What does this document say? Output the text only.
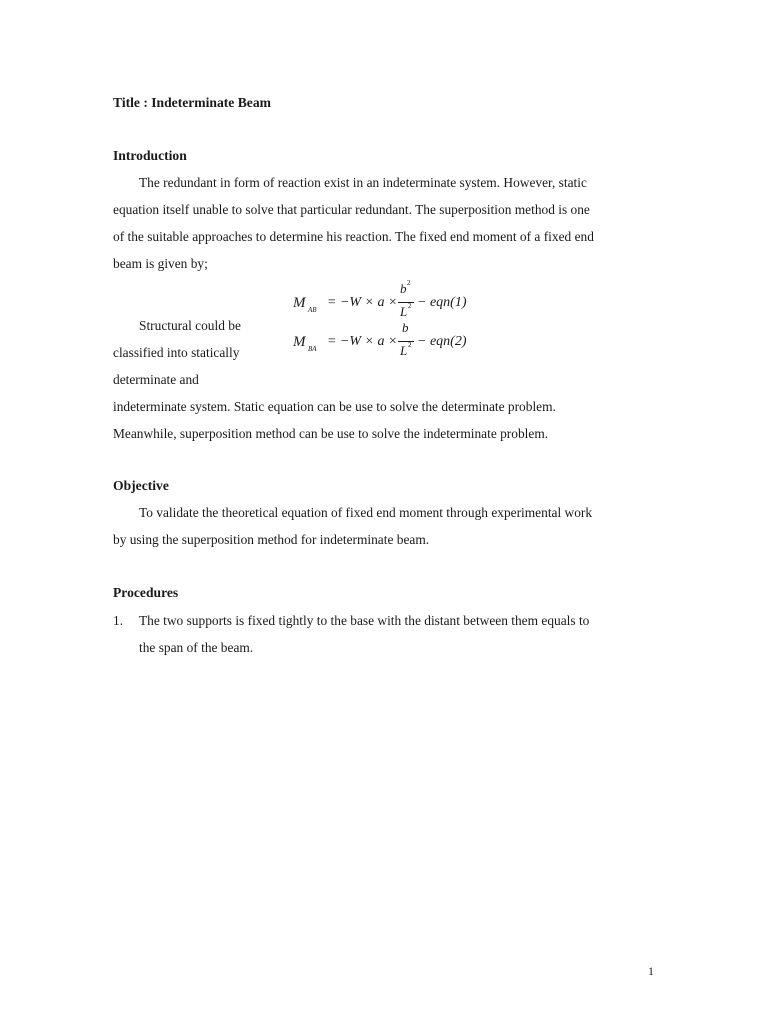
Title : Indeterminate Beam
Introduction
The redundant in form of reaction exist in an indeterminate system. However, static
equation itself unable to solve that particular redundant. The superposition method is one
of the suitable approaches to determine his reaction. The fixed end moment of a fixed end
beam is given by;
M AB = −W × a ×
b 2
L 2 − eqn(1)
M BA = −W × a ×
b
L 2 − eqn(2)
Structural could be
classified into statically
determinate and
indeterminate system. Static equation can be use to solve the determinate problem.
Meanwhile, superposition method can be use to solve the indeterminate problem.
Objective
To validate the theoretical equation of fixed end moment through experimental work
by using the superposition method for indeterminate beam.
Procedures
1. The two supports is fixed tightly to the base with the distant between them equals to
the span of the beam.
1
